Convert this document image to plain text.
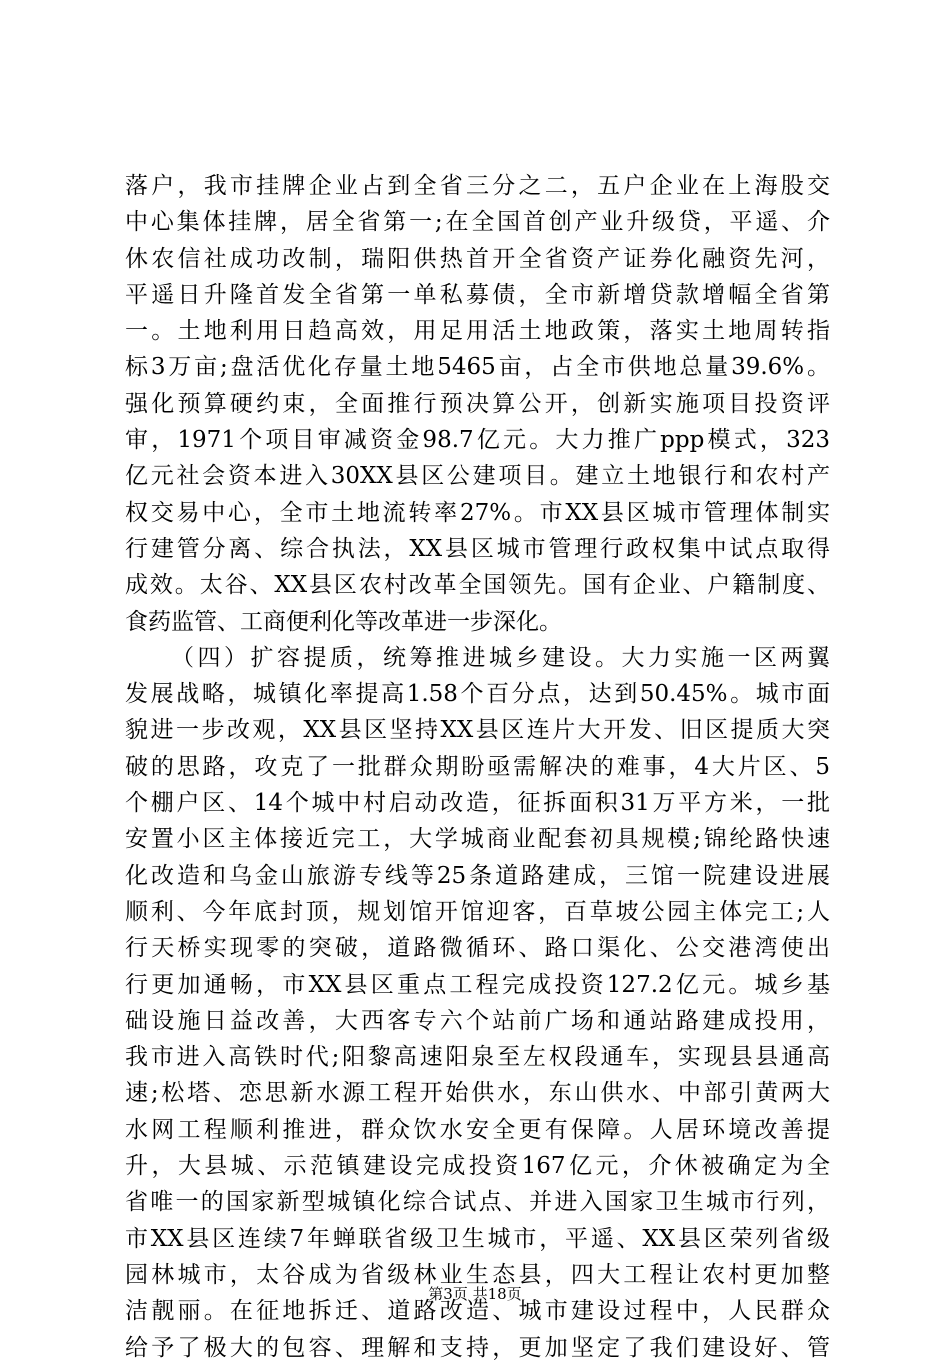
落户，我市挂牌企业占到全省三分之二，五户企业在上海股交
中心集体挂牌，居全省第一;在全国首创产业升级贷，平遥、介
休农信社成功改制，瑞阳供热首开全省资产证券化融资先河，
平遥日升隆首发全省第一单私募债，全市新增贷款增幅全省第
一。土地利用日趋高效，用足用活土地政策，落实土地周转指
标3万亩;盘活优化存量土地5465亩，占全市供地总量39.6%。
强化预算硬约束，全面推行预决算公开，创新实施项目投资评
审，1971个项目审减资金98.7亿元。大力推广ppp模式，323
亿元社会资本进入30XX县区公建项目。建立土地银行和农村产
权交易中心，全市土地流转率27%。市XX县区城市管理体制实
行建管分离、综合执法，XX县区城市管理行政权集中试点取得
成效。太谷、XX县区农村改革全国领先。国有企业、户籍制度、
食药监管、工商便利化等改革进一步深化。
（四）扩容提质，统筹推进城乡建设。大力实施一区两翼
发展战略，城镇化率提高1.58个百分点，达到50.45%。城市面
貌进一步改观，XX县区坚持XX县区连片大开发、旧区提质大突
破的思路，攻克了一批群众期盼亟需解决的难事，4大片区、5
个棚户区、14个城中村启动改造，征拆面积31万平方米，一批
安置小区主体接近完工，大学城商业配套初具规模;锦纶路快速
化改造和乌金山旅游专线等25条道路建成，三馆一院建设进展
顺利、今年底封顶，规划馆开馆迎客，百草坡公园主体完工;人
行天桥实现零的突破，道路微循环、路口渠化、公交港湾使出
行更加通畅，市XX县区重点工程完成投资127.2亿元。城乡基
础设施日益改善，大西客专六个站前广场和通站路建成投用，
我市进入高铁时代;阳黎高速阳泉至左权段通车，实现县县通高
速;松塔、恋思新水源工程开始供水，东山供水、中部引黄两大
水网工程顺利推进，群众饮水安全更有保障。人居环境改善提
升，大县城、示范镇建设完成投资167亿元，介休被确定为全
省唯一的国家新型城镇化综合试点、并进入国家卫生城市行列，
市XX县区连续7年蝉联省级卫生城市，平遥、XX县区荣列省级
园林城市，太谷成为省级林业生态县，四大工程让农村更加整
洁靓丽。在征地拆迁、道路改造、城市建设过程中，人民群众
给予了极大的包容、理解和支持，更加坚定了我们建设好、管
第3页 共18页
